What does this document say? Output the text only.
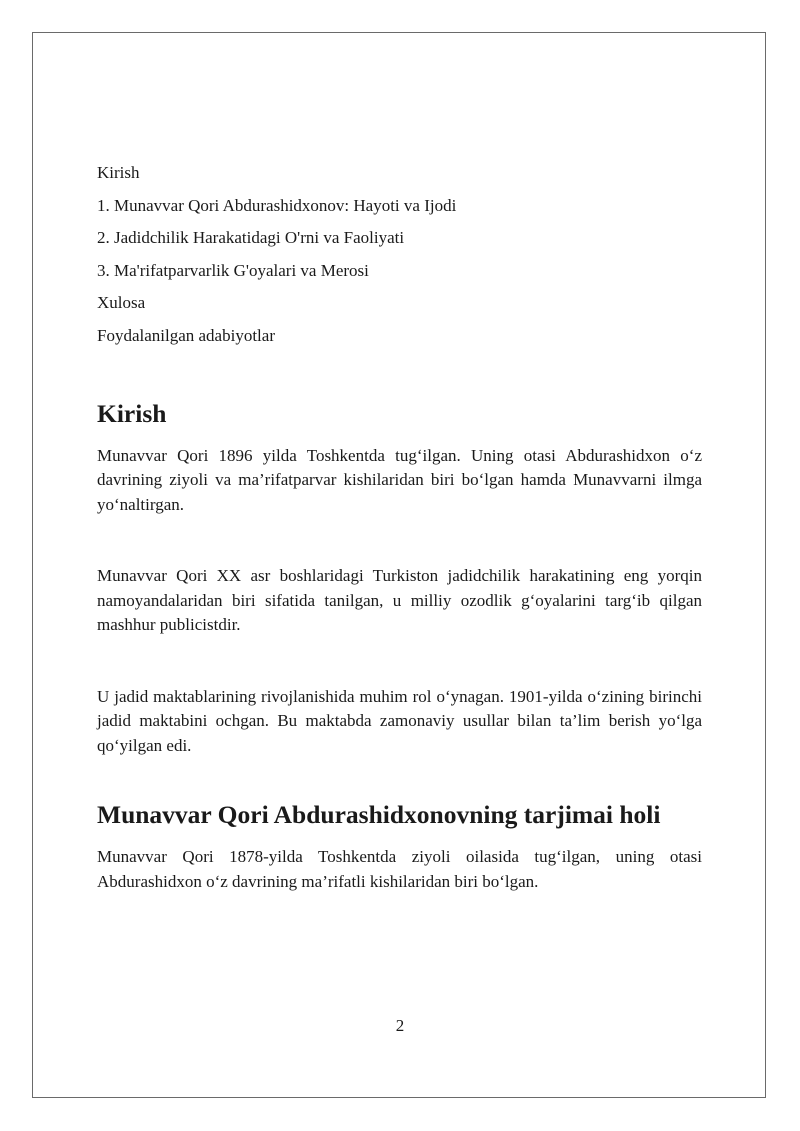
Kirish
1. Munavvar Qori Abdurashidxonov: Hayoti va Ijodi
2. Jadidchilik Harakatidagi O'rni va Faoliyati
3. Ma'rifatparvarlik G'oyalari va Merosi
Xulosa
Foydalanilgan adabiyotlar
Kirish

Munavvar Qori 1896 yilda Toshkentda tug‘ilgan. Uning otasi Abdurashidxon o‘z davrining ziyoli va ma’rifatparvar kishilaridan biri bo‘lgan hamda Munavvarni ilmga yo‘naltirgan.

Munavvar Qori XX asr boshlaridagi Turkiston jadidchilik harakatining eng yorqin namoyandalaridan biri sifatida tanilgan, u milliy ozodlik g‘oyalarini targ‘ib qilgan mashhur publicistdir.

U jadid maktablarining rivojlanishida muhim rol o‘ynagan. 1901-yilda o‘zining birinchi jadid maktabini ochgan. Bu maktabda zamonaviy usullar bilan ta’lim berish yo‘lga qo‘yilgan edi.

Munavvar Qori Abdurashidxonovning tarjimai holi

Munavvar Qori 1878-yilda Toshkentda ziyoli oilasida tug‘ilgan, uning otasi Abdurashidxon o‘z davrining ma’rifatli kishilaridan biri bo‘lgan.

2
